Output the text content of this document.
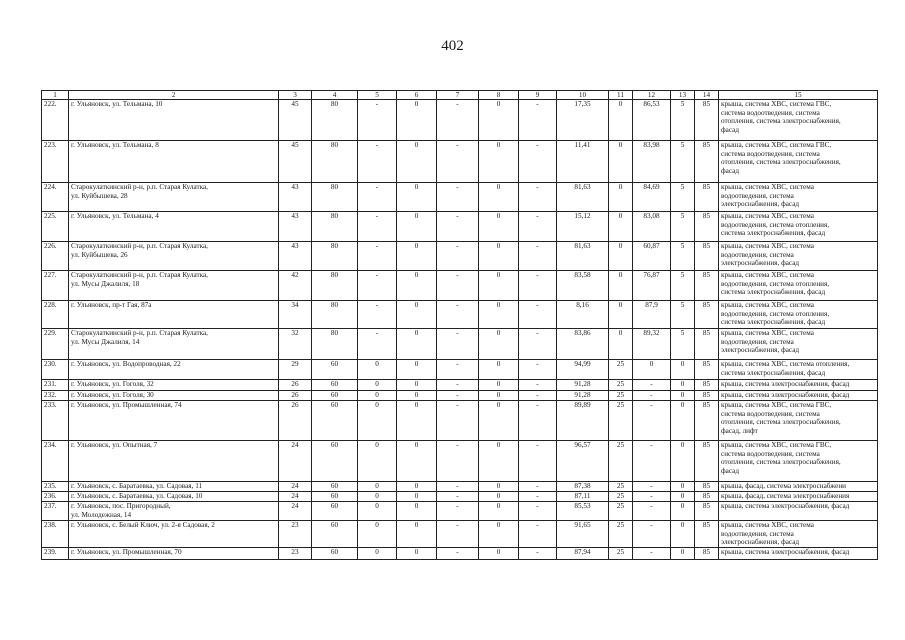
402
1	2	3	4	5	6	7	8	9	10	11	12	13	14	15
222.	г. Ульяновск, ул. Тельмана, 10	45	80	-	0	-	0	-	17,35	0	86,53	5	85	крыша, система ХВС, система ГВС,
система водоотведения, система
отопления, система электроснабжения,
фасад

223.	г. Ульяновск, ул. Тельмана, 8	45	80	-	0	-	0	-	11,41	0	83,98	5	85	крыша, система ХВС, система ГВС,
система водоотведения, система
отопления, система электроснабжения,
фасад

224.	Старокулаткинский р-н, р.п. Старая Кулатка,
ул. Куйбышева, 28	43	80	-	0	-	0	-	81,63	0	84,69	5	85	крыша, система ХВС, система
водоотведения, система
электроснабжения, фасад

225.	г. Ульяновск, ул. Тельмана, 4	43	80	-	0	-	0	-	15,12	0	83,08	5	85	крыша, система ХВС, система
водоотведения, система отопления,
система электроснабжения, фасад

226.	Старокулаткинский р-н, р.п. Старая Кулатка,
ул. Куйбышева, 26	43	80	-	0	-	0	-	81,63	0	60,87	5	85	крыша, система ХВС, система
водоотведения, система
электроснабжения, фасад

227.	Старокулаткинский р-н, р.п. Старая Кулатка,
ул. Мусы Джалиля, 18	42	80	-	0	-	0	-	83,58	0	76,87	5	85	крыша, система ХВС, система
водоотведения, система отопления,
система электроснабжения, фасад

228.	г. Ульяновск, пр-т Гая, 87а	34	80	-	0	-	0	-	8,16	0	87,9	5	85	крыша, система ХВС, система
водоотведения, система отопления,
система электроснабжения, фасад

229.	Старокулаткинский р-н, р.п. Старая Кулатка,
ул. Мусы Джалиля, 14	32	80	-	0	-	0	-	83,86	0	89,32	5	85	крыша, система ХВС, система
водоотведения, система
электроснабжения, фасад

230.	г. Ульяновск, ул. Водопроводная, 22	29	60	0	0	-	0	-	94,99	25	0	0	85	крыша, система ХВС, система отопления,
система электроснабжения, фасад

231.	г. Ульяновск, ул. Гоголя, 32	26	60	0	0	-	0	-	91,28	25	-	0	85	крыша, система электроснабжения, фасад

232.	г. Ульяновск, ул. Гоголя, 30	26	60	0	0	-	0	-	91,28	25	-	0	85	крыша, система электроснабжения, фасад

233.	г. Ульяновск, ул. Промышленная, 74	26	60	0	0	-	0	-	89,89	25	-	0	85	крыша, система ХВС, система ГВС,
система водоотведения, система
отопления, система электроснабжения,
фасад, лифт

234.	г. Ульяновск, ул. Опытная, 7	24	60	0	0	-	0	-	96,57	25	-	0	85	крыша, система ХВС, система ГВС,
система водоотведения, система
отопления, система электроснабжения,
фасад

235.	г. Ульяновск, с. Баратаевка, ул. Садовая, 11	24	60	0	0	-	0	-	87,38	25	-	0	85	крыша, фасад, система электроснабжени

236.	г. Ульяновск, с. Баратаевка, ул. Садовая, 10	24	60	0	0	-	0	-	87,11	25	-	0	85	крыша, фасад, система электроснабжения

237.	г. Ульяновск, пос. Пригородный,
ул. Молодежная, 14	24	60	0	0	-	0	-	85,53	25	-	0	85	крыша, система электроснабжения, фасад

238.	г. Ульяновск, с. Белый Ключ, ул. 2-я Садовая, 2	23	60	0	0	-	0	-	91,65	25	-	0	85	крыша, система ХВС, система
водоотведения, система
электроснабжения, фасад

239.	г. Ульяновск, ул. Промышленная, 70	23	60	0	0	-	0	-	87,94	25	-	0	85	крыша, система электроснабжения, фасад
